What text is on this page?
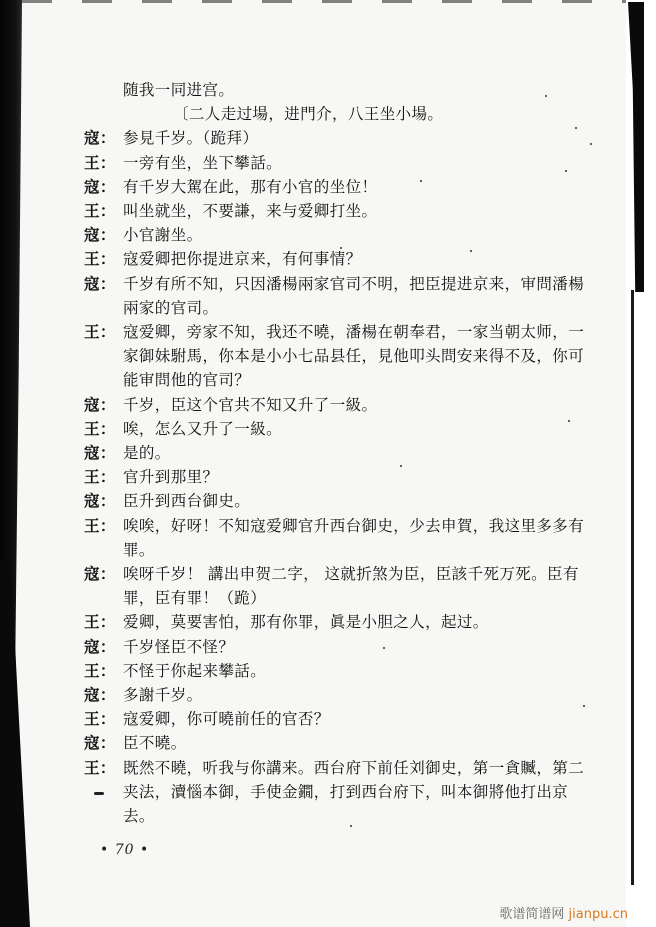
随我一同进宫。
〔二人走过場，进門介，八王坐小場。
寇： 参見千岁。（跪拜）
王： 一旁有坐，坐下攀話。
寇： 有千岁大駕在此，那有小官的坐位！
王： 叫坐就坐，不要謙，来与爱卿打坐。
寇： 小官謝坐。
王： 寇爱卿把你提进京来，有何事情？
寇： 千岁有所不知，只因潘楊兩家官司不明，把臣提进京来，审問潘楊
兩家的官司。
王： 寇爱卿，旁家不知，我还不曉，潘楊在朝奉君，一家当朝太师，一
家御妹駙馬，你本是小小七品县任，見他叩头問安来得不及，你可
能审問他的官司？
寇： 千岁，臣这个官共不知又升了一級。
王： 唉，怎么又升了一級。
寇： 是的。
王： 官升到那里？
寇： 臣升到西台御史。
王： 唉唉，好呀！不知寇爱卿官升西台御史，少去申賀，我这里多多有
罪。
寇： 唉呀千岁！ 講出申贺二字， 这就折煞为臣，臣該千死万死。臣有
罪，臣有罪！（跪）
王： 爱卿，莫要害怕，那有你罪，眞是小胆之人，起过。
寇： 千岁怪臣不怪？
王： 不怪于你起来攀話。
寇： 多謝千岁。
王： 寇爱卿，你可曉前任的官否？
寇： 臣不曉。
王： 既然不曉，听我与你講来。西台府下前任刘御史，第一貪贓，第二
夹法，瀆惱本御，手使金鐗，打到西台府下，叫本御將他打出京
去。
• 70 •
歌谱简谱网 jianpu.cn
